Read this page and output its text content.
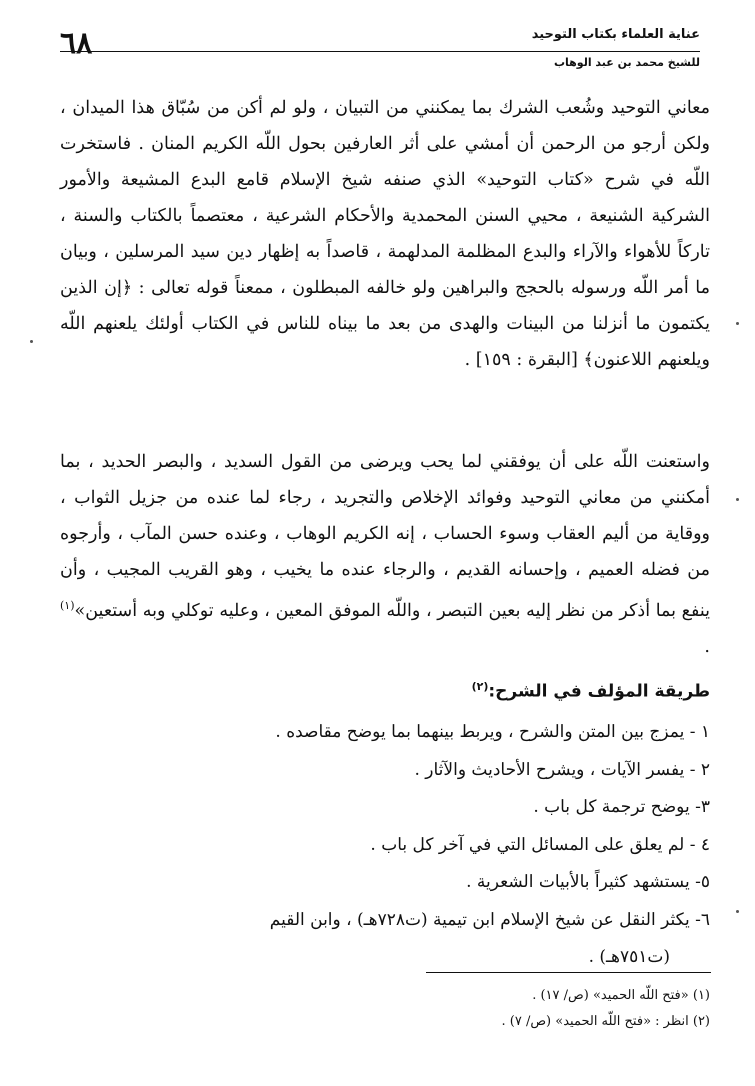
٦٨	عناية العلماء بكتاب التوحيد
للشيخ محمد بن عبد الوهاب
معاني التوحيد وشُعب الشرك بما يمكنني من التبيان ، ولو لم أكن من سُبّاق هذا الميدان ، ولكن أرجو من الرحمن أن أمشي على أثر العارفين بحول اللّه الكريم المنان . فاستخرت اللّه في شرح «كتاب التوحيد» الذي صنفه شيخ الإسلام قامع البدع المشيعة والأمور الشركية الشنيعة ، محيي السنن المحمدية والأحكام الشرعية ، معتصماً بالكتاب والسنة ، تاركاً للأهواء والآراء والبدع المظلمة المدلهمة ، قاصداً به إظهار دين سيد المرسلين ، وبيان ما أمر اللّه ورسوله بالحجج والبراهين ولو خالفه المبطلون ، ممعناً قوله تعالى : ﴿إن الذين يكتمون ما أنزلنا من البينات والهدى من بعد ما بيناه للناس في الكتاب أولئك يلعنهم اللّه ويلعنهم اللاعنون﴾ [البقرة : ١٥٩] .
واستعنت اللّه على أن يوفقني لما يحب ويرضى من القول السديد ، والبصر الحديد ، بما أمكنني من معاني التوحيد وفوائد الإخلاص والتجريد ، رجاء لما عنده من جزيل الثواب ، ووقاية من أليم العقاب وسوء الحساب ، إنه الكريم الوهاب ، وعنده حسن المآب ، وأرجوه من فضله العميم ، وإحسانه القديم ، والرجاء عنده ما يخيب ، وهو القريب المجيب ، وأن ينفع بما أذكر من نظر إليه بعين التبصر ، واللّه الموفق المعين ، وعليه توكلي وبه أستعين»$^{(١)}$ .
طريقة المؤلف في الشرح:$^{(٢)}$
١ - يمزج بين المتن والشرح ، ويربط بينهما بما يوضح مقاصده .
٢ - يفسر الآيات ، ويشرح الأحاديث والآثار .
٣- يوضح ترجمة كل باب .
٤ - لم يعلق على المسائل التي في آخر كل باب .
٥- يستشهد كثيراً بالأبيات الشعرية .
٦- يكثر النقل عن شيخ الإسلام ابن تيمية (ت٧٢٨هـ) ، وابن القيم
(ت٧٥١هـ) .
(١) «فتح اللّه الحميد» (ص/ ١٧) .
(٢) انظر : «فتح اللّه الحميد» (ص/ ٧) .
